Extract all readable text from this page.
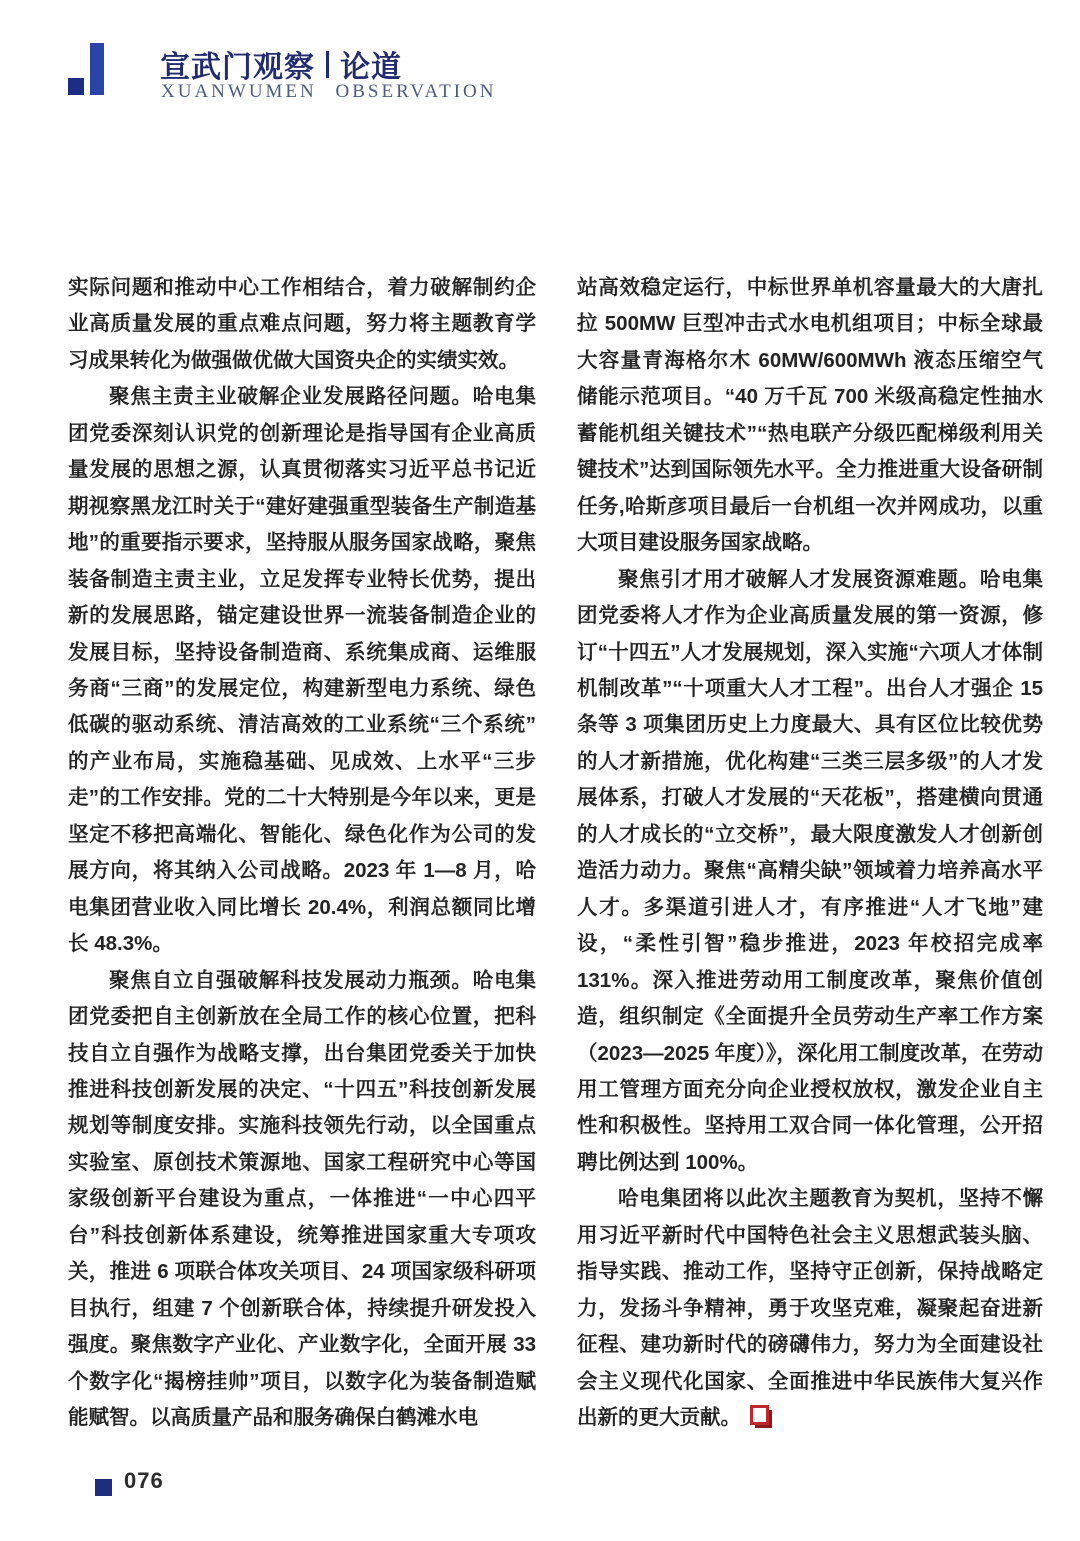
宣武门观察 论道
XUANWUMEN OBSERVATION

实际问题和推动中心工作相结合，着力破解制约企业高质量发展的重点难点问题，努力将主题教育学习成果转化为做强做优做大国资央企的实绩实效。

聚焦主责主业破解企业发展路径问题。哈电集团党委深刻认识党的创新理论是指导国有企业高质量发展的思想之源，认真贯彻落实习近平总书记近期视察黑龙江时关于“建好建强重型装备生产制造基地”的重要指示要求，坚持服从服务国家战略，聚焦装备制造主责主业，立足发挥专业特长优势，提出新的发展思路，锚定建设世界一流装备制造企业的发展目标，坚持设备制造商、系统集成商、运维服务商“三商”的发展定位，构建新型电力系统、绿色低碳的驱动系统、清洁高效的工业系统“三个系统”的产业布局，实施稳基础、见成效、上水平“三步走”的工作安排。党的二十大特别是今年以来，更是坚定不移把高端化、智能化、绿色化作为公司的发展方向，将其纳入公司战略。2023 年 1—8 月，哈电集团营业收入同比增长 20.4%，利润总额同比增长 48.3%。

聚焦自立自强破解科技发展动力瓶颈。哈电集团党委把自主创新放在全局工作的核心位置，把科技自立自强作为战略支撑，出台集团党委关于加快推进科技创新发展的决定、“十四五”科技创新发展规划等制度安排。实施科技领先行动，以全国重点实验室、原创技术策源地、国家工程研究中心等国家级创新平台建设为重点，一体推进“一中心四平台”科技创新体系建设，统筹推进国家重大专项攻关，推进 6 项联合体攻关项目、24 项国家级科研项目执行，组建 7 个创新联合体，持续提升研发投入强度。聚焦数字产业化、产业数字化，全面开展 33 个数字化“揭榜挂帅”项目，以数字化为装备制造赋能赋智。以高质量产品和服务确保白鹤滩水电

站高效稳定运行，中标世界单机容量最大的大唐扎拉 500MW 巨型冲击式水电机组项目；中标全球最大容量青海格尔木 60MW/600MWh 液态压缩空气储能示范项目。“40 万千瓦 700 米级高稳定性抽水蓄能机组关键技术”“热电联产分级匹配梯级利用关键技术”达到国际领先水平。全力推进重大设备研制任务,哈斯彦项目最后一台机组一次并网成功，以重大项目建设服务国家战略。

聚焦引才用才破解人才发展资源难题。哈电集团党委将人才作为企业高质量发展的第一资源，修订“十四五”人才发展规划，深入实施“六项人才体制机制改革”“十项重大人才工程”。出台人才强企 15 条等 3 项集团历史上力度最大、具有区位比较优势的人才新措施，优化构建“三类三层多级”的人才发展体系，打破人才发展的“天花板”，搭建横向贯通的人才成长的“立交桥”，最大限度激发人才创新创造活力动力。聚焦“高精尖缺”领域着力培养高水平人才。多渠道引进人才，有序推进“人才飞地”建设，“柔性引智”稳步推进，2023 年校招完成率 131%。深入推进劳动用工制度改革，聚焦价值创造，组织制定《全面提升全员劳动生产率工作方案（2023—2025 年度）》，深化用工制度改革，在劳动用工管理方面充分向企业授权放权，激发企业自主性和积极性。坚持用工双合同一体化管理，公开招聘比例达到 100%。

哈电集团将以此次主题教育为契机，坚持不懈用习近平新时代中国特色社会主义思想武装头脑、指导实践、推动工作，坚持守正创新，保持战略定力，发扬斗争精神，勇于攻坚克难，凝聚起奋进新征程、建功新时代的磅礴伟力，努力为全面建设社会主义现代化国家、全面推进中华民族伟大复兴作出新的更大贡献。

076
